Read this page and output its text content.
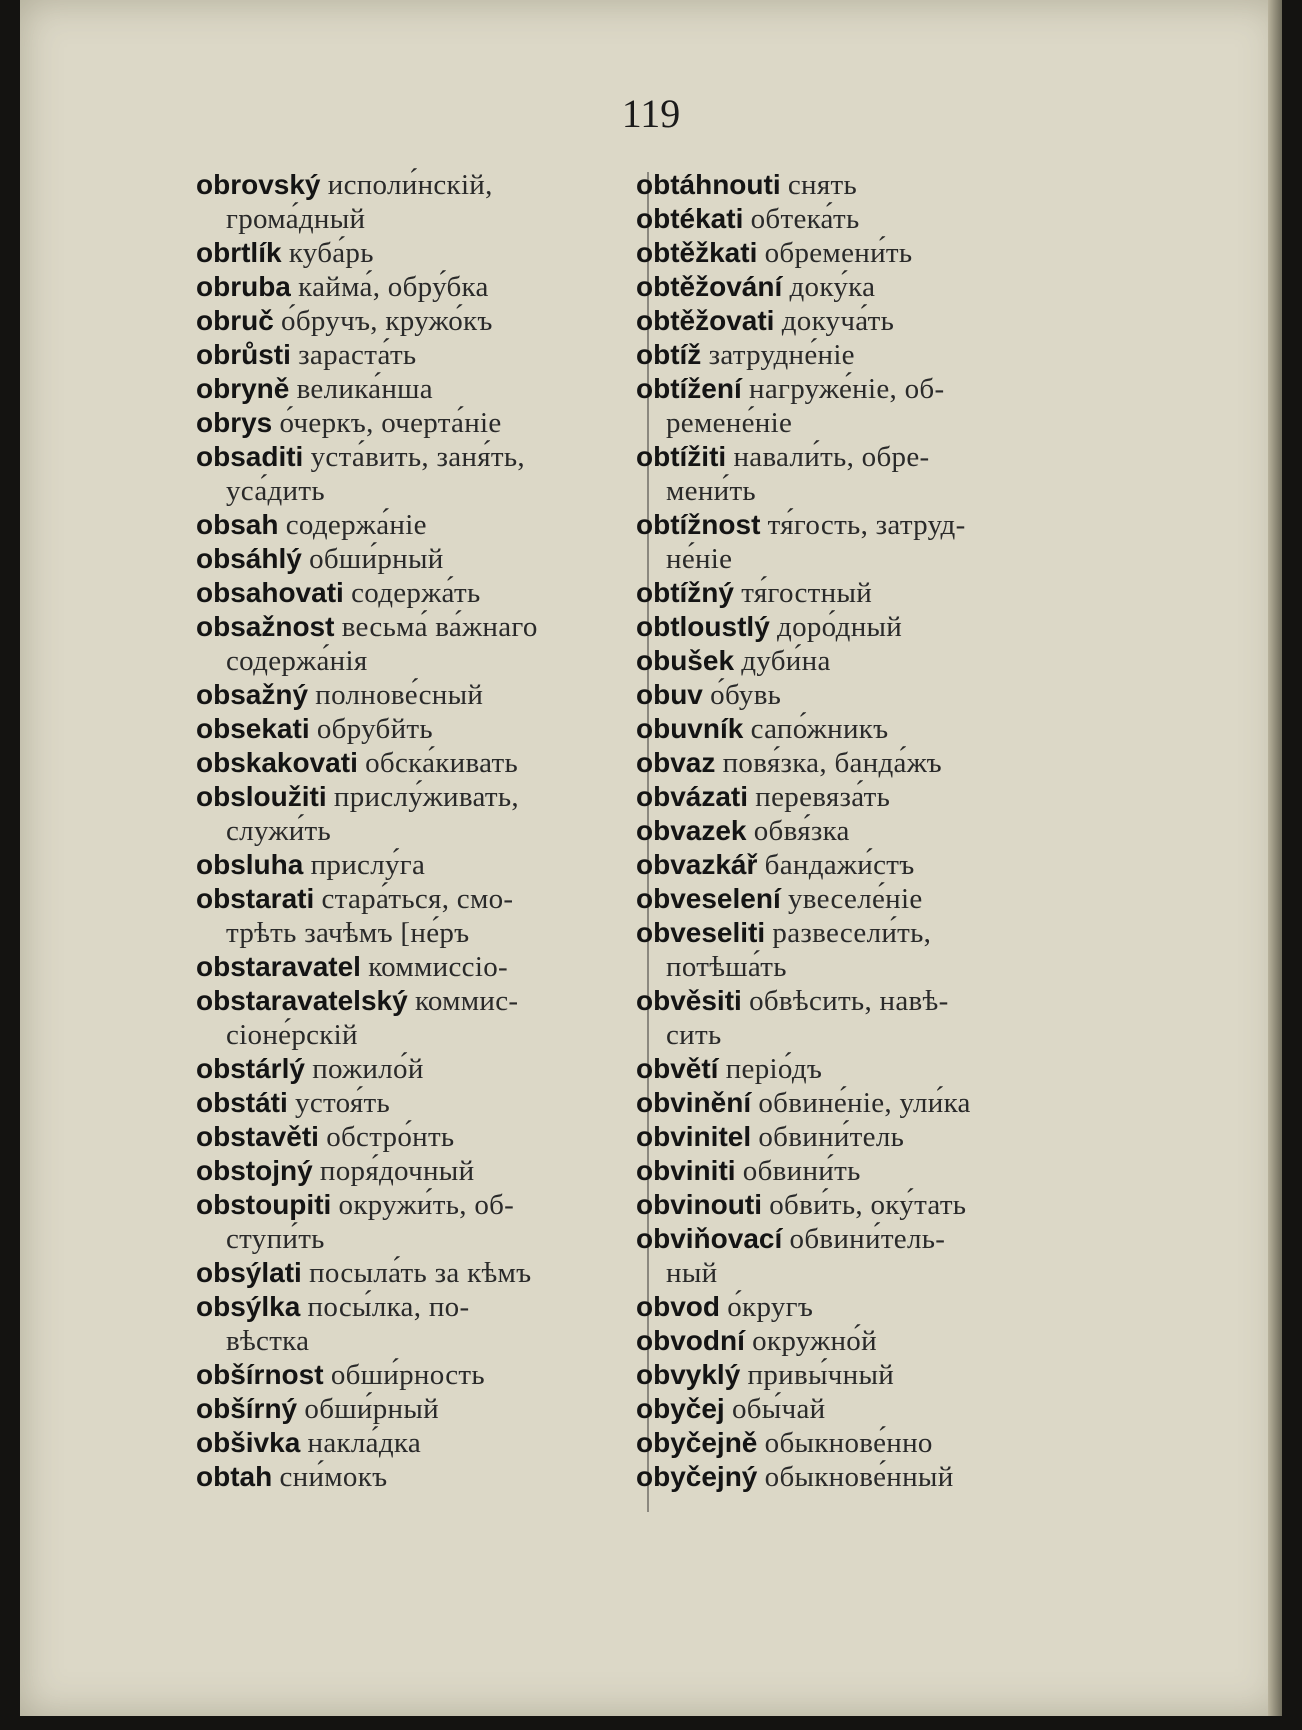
119
obrovský исполи́нскій,
грома́дный
obrtlík куба́рь
obruba кайма́, обру́бка
obruč о́бручъ, кружо́къ
obrůsti зараста́ть
obryně велика́нша
obrys о́черкъ, очерта́ніе
obsaditi уста́вить, заня́ть,
уса́дить
obsah содержа́ніе
obsáhlý обши́рный
obsahovati содержа́ть
obsažnost весьма́ ва́жнаго
содержа́нія
obsažný полнове́сный
obsekati обрубйть
obskakovati обска́кивать
obsloužiti прислу́живать,
служи́ть
obsluha прислу́га
obstarati стара́ться, смо-
трѣть зачѣмъ [не́ръ
obstaravatel коммиссіо-
obstaravatelský коммис-
сіоне́рскій
obstárlý пожило́й
obstáti устоя́ть
obstavěti обстро́нть
obstojný поря́дочный
obstoupiti окружи́ть, об-
ступи́ть
obsýlati посыла́ть за кѣмъ
obsýlka посы́лка, по-
вѣстка
obšírnost обши́рность
obšírný обши́рный
obšivka накла́дка
obtah сни́мокъ
obtáhnouti снять
obtékati обтека́ть
obtěžkati обремени́ть
obtěžování доку́ка
obtěžovati докуча́ть
obtíž затрудне́ніе
obtížení нагруже́ніе, об-
ремене́ніе
obtížiti навали́ть, обре-
мени́ть
obtížnost тя́гость, затруд-
не́ніе
obtížný тя́гостный
obtloustlý доро́дный
obušek дуби́на
obuv о́бувь
obuvník сапо́жникъ
obvaz повя́зка, банда́жъ
obvázati перевяза́ть
obvazek обвя́зка
obvazkář бандажи́стъ
obveselení увеселе́ніе
obveseliti развесели́ть,
потѣша́ть
obvěsiti обвѣсить, навѣ-
сить
obvětí періо́дъ
obvinění обвине́ніе, ули́ка
obvinitel обвини́тель
obviniti обвини́ть
obvinouti обви́ть, оку́тать
obviňovací обвини́тель-
ный
obvod о́кругъ
obvodní окружно́й
obvyklý привы́чный
obyčej обы́чай
obyčejně обыкнове́нно
obyčejný обыкнове́нный
